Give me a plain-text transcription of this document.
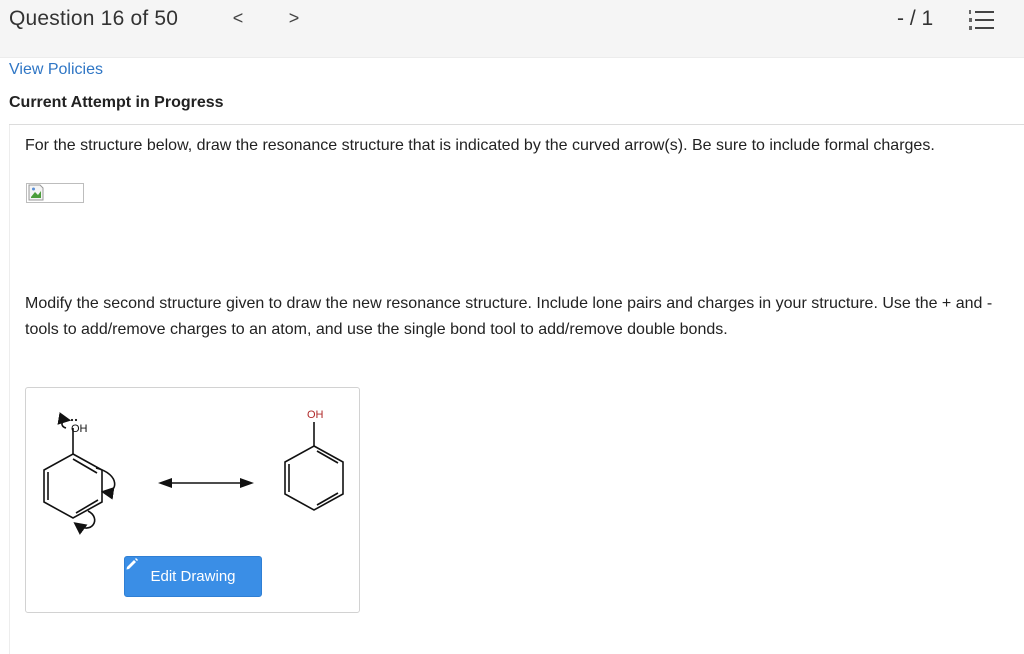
Question 16 of 50	<	>	- / 1
View Policies
Current Attempt in Progress
For the structure below, draw the resonance structure that is indicated by the curved arrow(s). Be sure to include formal charges.
Modify the second structure given to draw the new resonance structure. Include lone pairs and charges in your structure. Use the + and - tools to add/remove charges to an atom, and use the single bond tool to add/remove double bonds.
OH
OH
Edit Drawing
